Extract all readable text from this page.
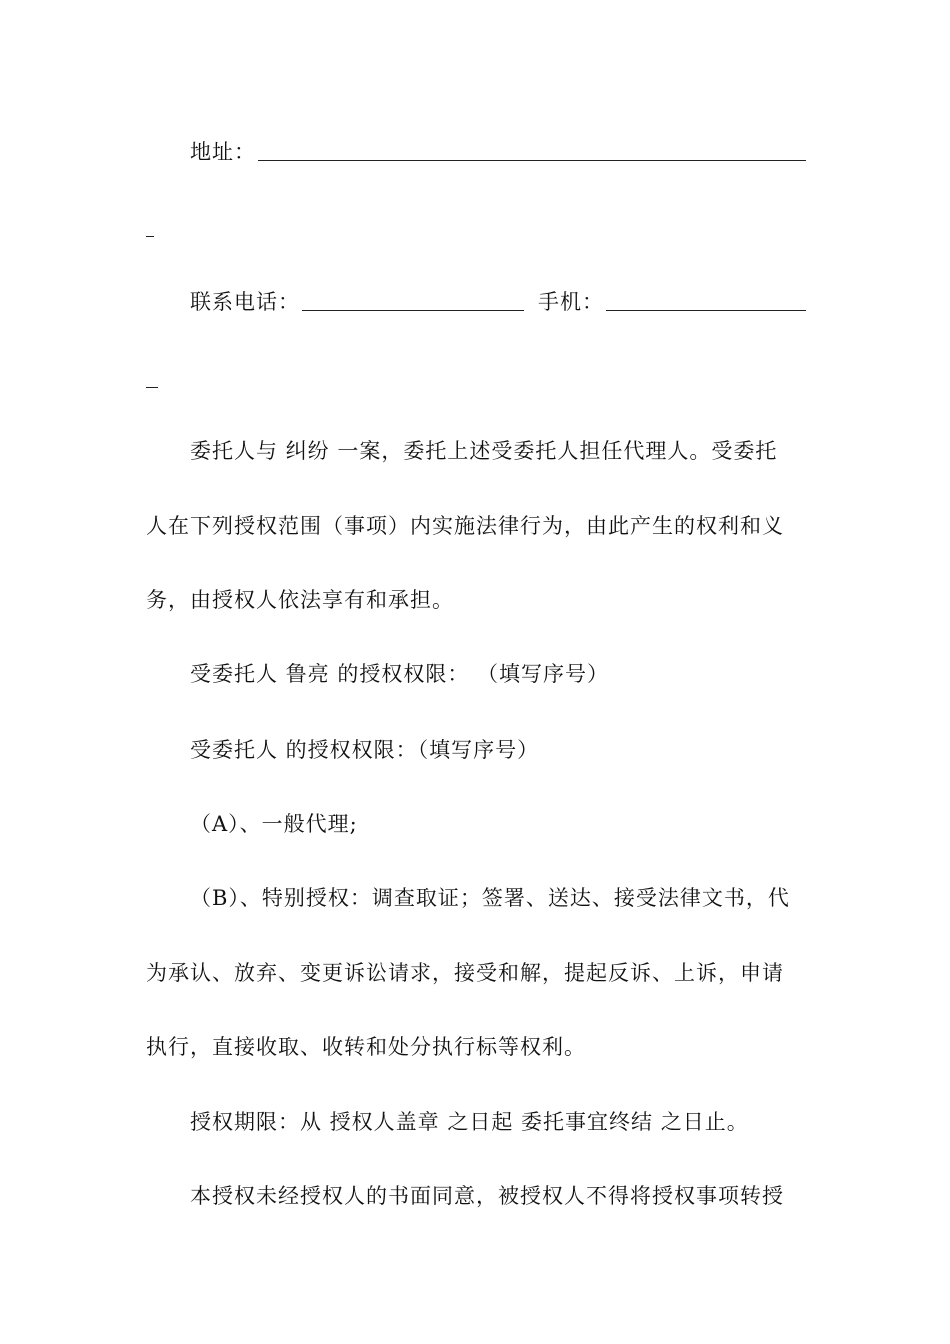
地址：
联系电话：	手机：
委托人与 纠纷 一案，委托上述受委托人担任代理人。受委托
人在下列授权范围（事项）内实施法律行为，由此产生的权利和义
务，由授权人依法享有和承担。
受委托人 鲁亮 的授权权限： （填写序号）
受委托人 的授权权限：（填写序号）
（A）、一般代理;
（B）、特别授权：调查取证；签署、送达、接受法律文书，代
为承认、放弃、变更诉讼请求，接受和解，提起反诉、上诉，申请
执行，直接收取、收转和处分执行标等权利。
授权期限：从 授权人盖章 之日起 委托事宜终结 之日止。
本授权未经授权人的书面同意，被授权人不得将授权事项转授
